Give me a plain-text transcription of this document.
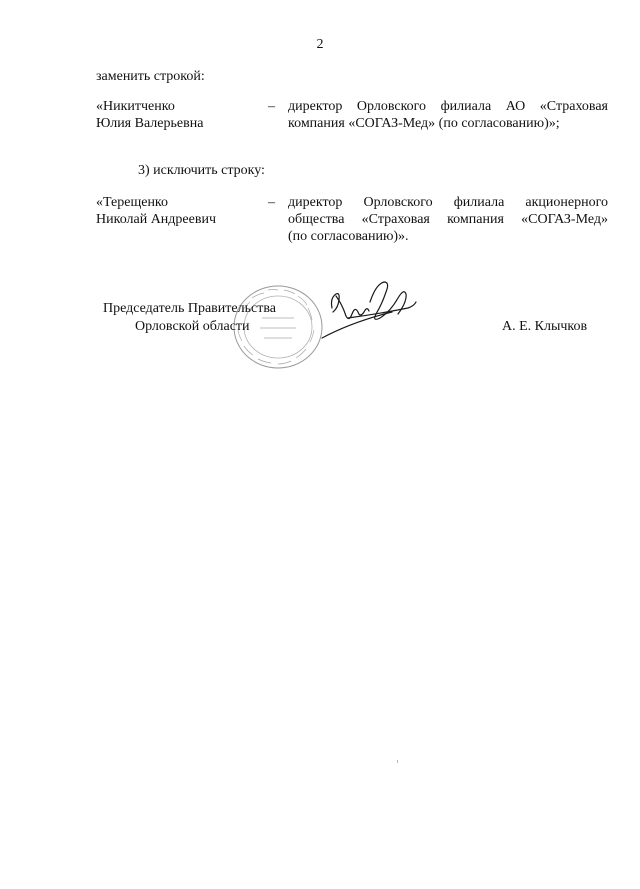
2
заменить строкой:
«Никитченко
Юлия Валерьевна
– директор Орловского филиала АО «Страховая
компания «СОГАЗ-Мед» (по согласованию)»;
3) исключить строку:
«Терещенко
Николай Андреевич
– директор Орловского филиала акционерного
общества «Страховая компания «СОГАЗ-Мед»
(по согласованию)».
Председатель Правительства
Орловской области	А. Е. Клычков
